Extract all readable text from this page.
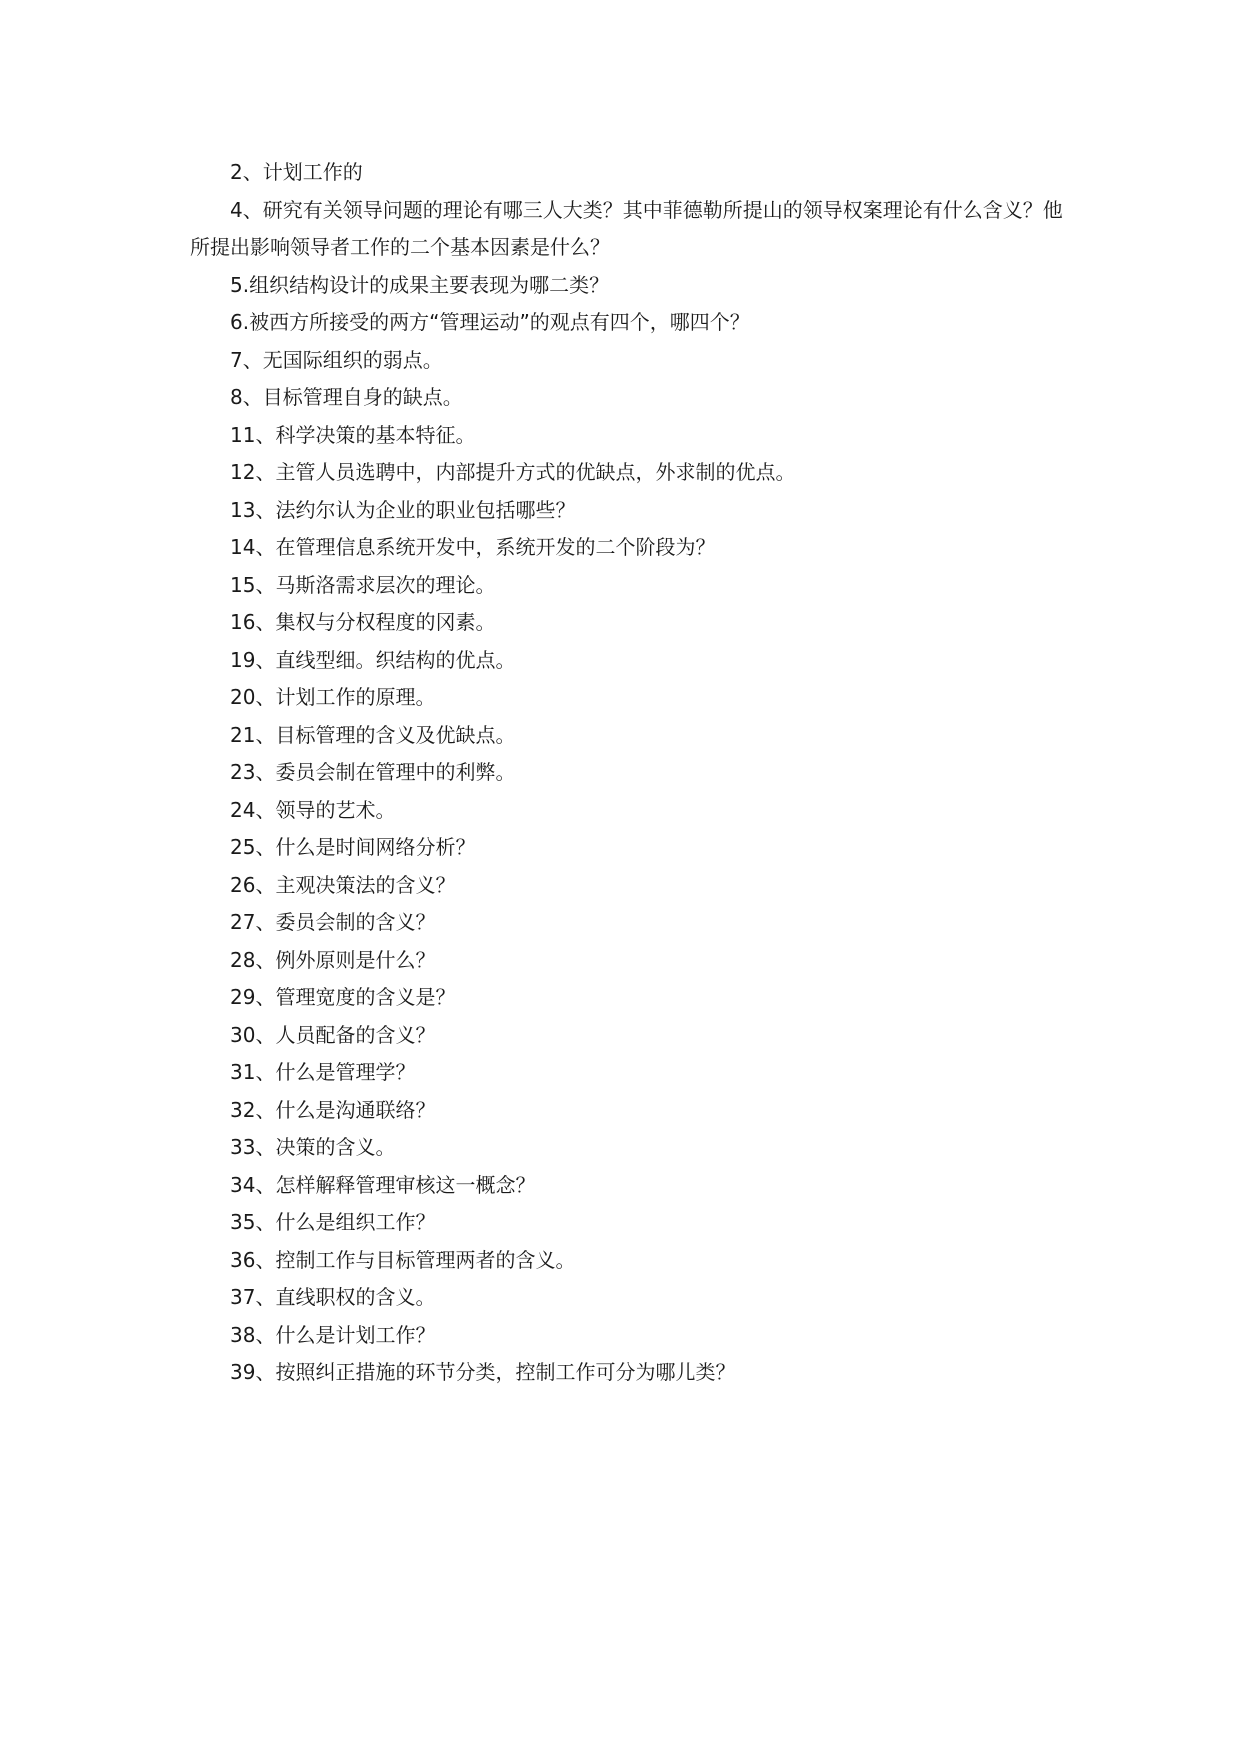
2、计划工作的

4、研究有关领导问题的理论有哪三人大类？其中菲德勒所提山的领导权案理论有什么含义？他所提出影响领导者工作的二个基本因素是什么？

5.组织结构设计的成果主要表现为哪二类？

6.被西方所接受的两方“管理运动”的观点有四个，哪四个？

7、无国际组织的弱点。

8、目标管理自身的缺点。

11、科学决策的基本特征。

12、主管人员选聘中，内部提升方式的优缺点，外求制的优点。

13、法约尔认为企业的职业包括哪些？

14、在管理信息系统开发中，系统开发的二个阶段为？

15、马斯洛需求层次的理论。

16、集权与分权程度的冈素。

19、直线型细。织结构的优点。

20、计划工作的原理。

21、目标管理的含义及优缺点。

23、委员会制在管理中的利弊。

24、领导的艺术。

25、什么是时间网络分析？

26、主观决策法的含义？

27、委员会制的含义？

28、例外原则是什么？

29、管理宽度的含义是？

30、人员配备的含义？

31、什么是管理学？

32、什么是沟通联络？

33、决策的含义。

34、怎样解释管理审核这一概念？

35、什么是组织工作？

36、控制工作与目标管理两者的含义。

37、直线职权的含义。

38、什么是计划工作？

39、按照纠正措施的环节分类，控制工作可分为哪儿类？
